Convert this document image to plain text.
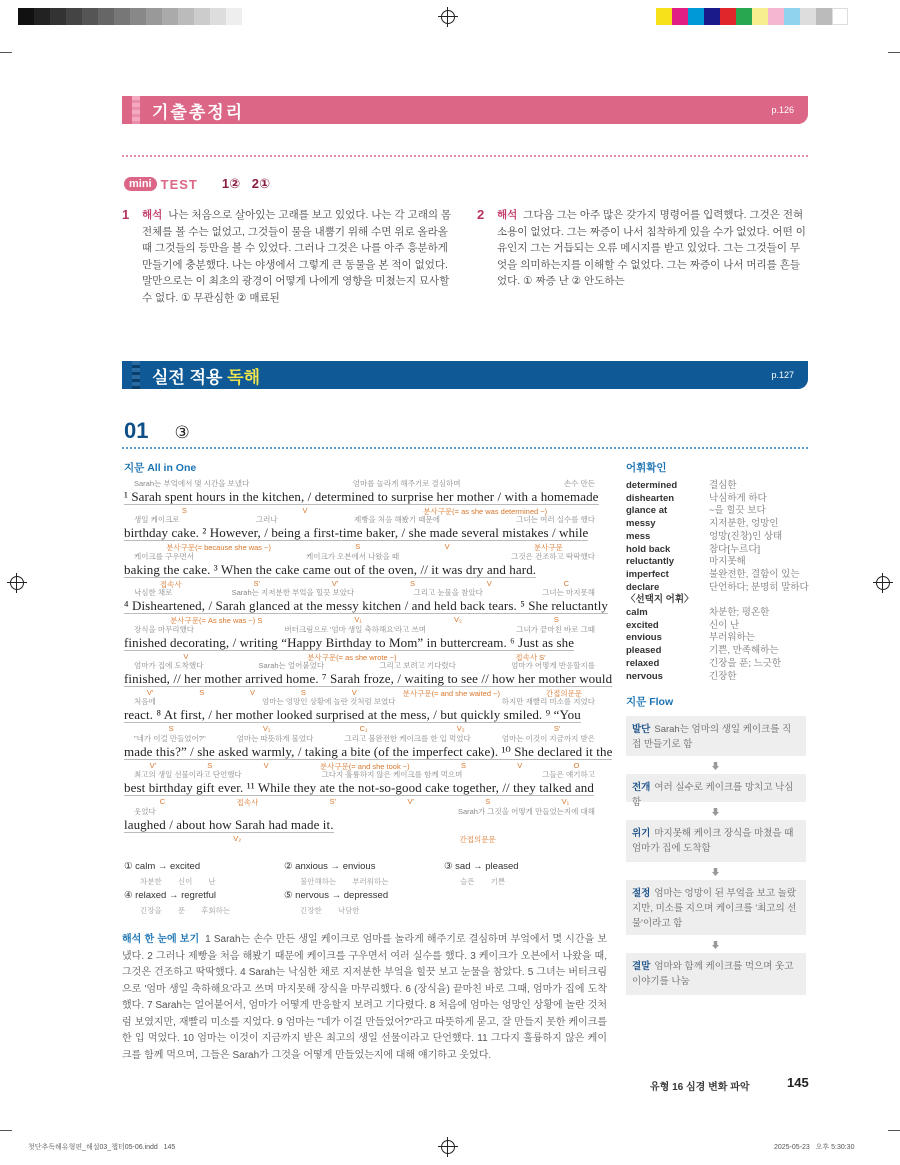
기출총정리	p.126
mini TEST 1② 2①
1	해석 나는 처음으로 살아있는 고래를 보고 있었다. 나는 각 고래의 몸 전체를 볼 수는 없었고, 그것들이 물을 내뿜기 위해 수면 위로 올라올 때 그것들의 등만을 볼 수 있었다. 그러나 그것은 나를 아주 흥분하게 만들기에 충분했다. 나는 야생에서 그렇게 큰 동물을 본 적이 없었다. 말만으로는 이 최초의 광경이 어떻게 나에게 영향을 미쳤는지 묘사할 수 없다. ① 무관심한 ② 매료된
2	해석 그다음 그는 아주 많은 갖가지 명령어를 입력했다. 그것은 전혀 소용이 없었다. 그는 짜증이 나서 침착하게 있을 수가 없었다. 어떤 이유인지 그는 거듭되는 오류 메시지를 받고 있었다. 그는 그것들이 무엇을 의미하는지를 이해할 수 없었다. 그는 짜증이 나서 머리를 흔들었다. ① 짜증 난 ② 안도하는
실전 적용 독해	p.127
01 ③
지문 All in One
Sarah는 부엌에서 몇 시간을 보냈다	엄마를 놀라게 해주기로 결심하며	손수 만든
¹ Sarah spent hours in the kitchen, / determined to surprise her mother / with a homemade
S	V	분사구문(= as she was determined ~)
생일 케이크로	그러나	제빵을 처음 해봤기 때문에	그녀는 여러 실수를 했다
birthday cake. ² However, / being a first-time baker, / she made several mistakes / while
분사구문(= because she was ~)	S	V	분사구문
케이크를 구우면서	케이크가 오븐에서 나왔을 때	그것은 건조하고 딱딱했다
baking the cake. ³ When the cake came out of the oven, // it was dry and hard.
접속사	S′	V′	S	V	C
낙심한 채로	Sarah는 지저분한 부엌을 힐끗 보았다	그리고 눈물을 참았다	그녀는 마지못해
⁴ Disheartened, / Sarah glanced at the messy kitchen / and held back tears. ⁵ She reluctantly
분사구문(= As she was ~) S	V₁	V₂	S
장식을 마무리했다	버터크림으로 '엄마 생일 축하해요'라고 쓰며	그녀가 끝마친 바로 그때
finished decorating, / writing “Happy Birthday to Mom” in buttercream. ⁶ Just as she
V	분사구문(= as she wrote ~)	접속사 S′
엄마가 집에 도착했다	Sarah는 얼어붙었다	그리고 보려고 기다렸다	엄마가 어떻게 반응할지를
finished, // her mother arrived home. ⁷ Sarah froze, / waiting to see // how her mother would
V′	S	V	S	V	분사구문(= and she waited ~)	간접의문문
처음에	엄마는 엉망인 상황에 놀란 것처럼 보였다	하지만 재빨리 미소를 지었다
react. ⁸ At first, / her mother looked surprised at the mess, / but quickly smiled. ⁹ “You
S	V₁	C₁	V₂	S′
"네가 이걸 만들었어?"	엄마는 따뜻하게 물었다	그리고 불완전한 케이크를 한 입 먹었다	엄마는 이것이 지금까지 받은
made this?” / she asked warmly, / taking a bite (of the imperfect cake). ¹⁰ She declared it the
V′	S	V	분사구문(= and she took ~)	S	V	O
최고의 생일 선물이라고 단언했다	그다지 훌륭하지 않은 케이크를 함께 먹으며	그들은 얘기하고
best birthday gift ever. ¹¹ While they ate the not-so-good cake together, // they talked and
C	접속사	S′	V′	S	V₁
웃었다	Sarah가 그것을 어떻게 만들었는지에 대해
laughed / about how Sarah had made it.
V₂	간접의문문
① calm → excited
차분한 신이 난
② anxious → envious
불안해하는 부러워하는
③ sad → pleased
슬픈 기쁜
④ relaxed → regretful
긴장을 푼 후회하는
⑤ nervous → depressed
긴장한 낙담한
해석 한 눈에 보기 1 Sarah는 손수 만든 생일 케이크로 엄마를 놀라게 해주기로 결심하며 부엌에서 몇 시간을 보냈다. 2 그러나 제빵을 처음 해봤기 때문에 케이크를 구우면서 여러 실수를 했다. 3 케이크가 오븐에서 나왔을 때, 그것은 건조하고 딱딱했다. 4 Sarah는 낙심한 채로 지저분한 부엌을 힐끗 보고 눈물을 참았다. 5 그녀는 버터크림으로 '엄마 생일 축하해요'라고 쓰며 마지못해 장식을 마무리했다. 6 (장식을) 끝마친 바로 그때, 엄마가 집에 도착했다. 7 Sarah는 얼어붙어서, 엄마가 어떻게 반응할지 보려고 기다렸다. 8 처음에 엄마는 엉망인 상황에 놀란 것처럼 보였지만, 재빨리 미소를 지었다. 9 엄마는 "네가 이걸 만들었어?"라고 따뜻하게 묻고, 잘 만들지 못한 케이크를 한 입 먹었다. 10 엄마는 이것이 지금까지 받은 최고의 생일 선물이라고 단언했다. 11 그다지 훌륭하지 않은 케이크를 함께 먹으며, 그들은 Sarah가 그것을 어떻게 만들었는지에 대해 얘기하고 웃었다.
어휘확인
determined	결심한
dishearten	낙심하게 하다
glance at	~을 힐끗 보다
messy	지저분한, 엉망인
mess	엉망(진창)인 상태
hold back	참다[누르다]
reluctantly	마지못해
imperfect	불완전한, 결함이 있는
declare	단언하다; 분명히 말하다
〈선택지 어휘〉
calm	차분한; 평온한
excited	신이 난
envious	부러워하는
pleased	기쁜, 만족해하는
relaxed	긴장을 푼; 느긋한
nervous	긴장한
지문 Flow
발단 Sarah는 엄마의 생일 케이크를 직접 만들기로 함
전개 여러 실수로 케이크를 망치고 낙심함
위기 마지못해 케이크 장식을 마쳤을 때 엄마가 집에 도착함
절정 엄마는 엉망이 된 부엌을 보고 놀랐지만, 미소를 지으며 케이크를 '최고의 선물'이라고 함
결말 엄마와 함께 케이크를 먹으며 웃고 이야기를 나눔
유형 16 심경 변화 파악	145
첫단추독해유형편_해설03_챕터05-06.indd   145	2025-05-23   오후 5:30:30
